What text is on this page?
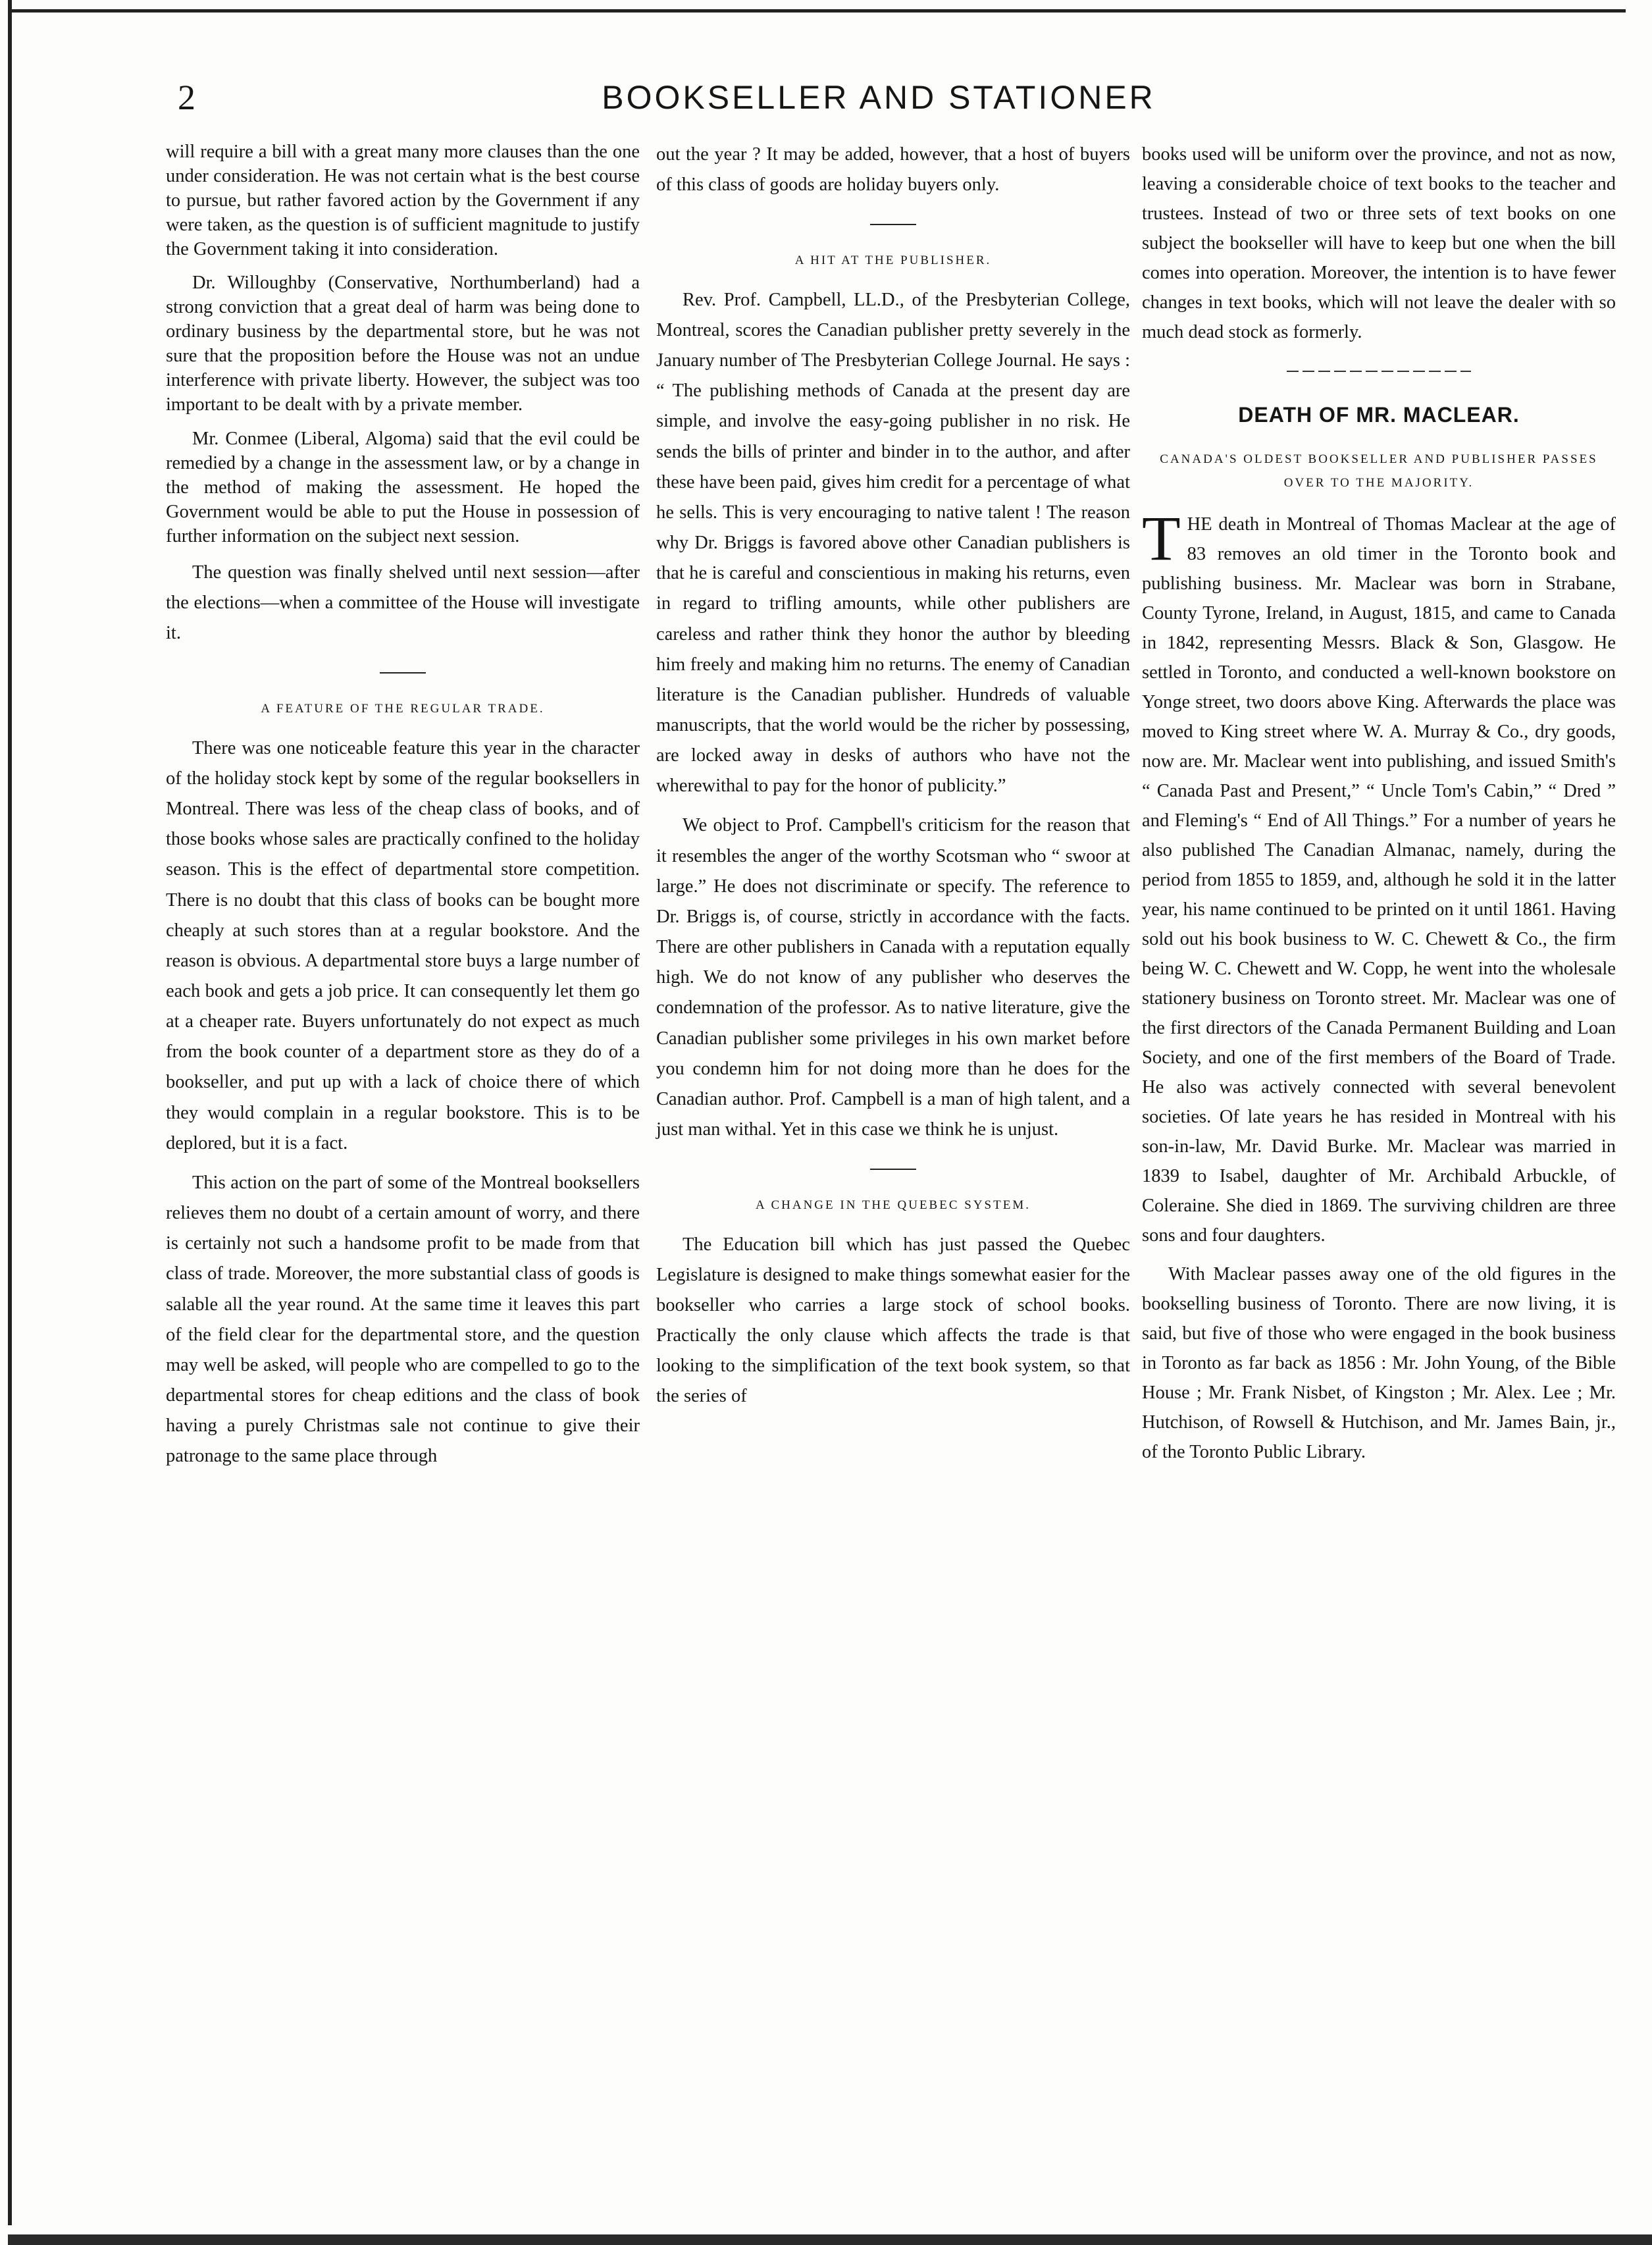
2	BOOKSELLER AND STATIONER

will require a bill with a great many more clauses than the one under consideration. He was not certain what is the best course to pursue, but rather favored action by the Government if any were taken, as the question is of sufficient magnitude to justify the Government taking it into consideration.

Dr. Willoughby (Conservative, Northumberland) had a strong conviction that a great deal of harm was being done to ordinary business by the departmental store, but he was not sure that the proposition before the House was not an undue interference with private liberty. However, the subject was too important to be dealt with by a private member.

Mr. Conmee (Liberal, Algoma) said that the evil could be remedied by a change in the assessment law, or by a change in the method of making the assessment. He hoped the Government would be able to put the House in possession of further information on the subject next session.

The question was finally shelved until next session—after the elections—when a committee of the House will investigate it.

A FEATURE OF THE REGULAR TRADE.

There was one noticeable feature this year in the character of the holiday stock kept by some of the regular booksellers in Montreal. There was less of the cheap class of books, and of those books whose sales are practically confined to the holiday season. This is the effect of departmental store competition. There is no doubt that this class of books can be bought more cheaply at such stores than at a regular bookstore. And the reason is obvious. A departmental store buys a large number of each book and gets a job price. It can consequently let them go at a cheaper rate. Buyers unfortunately do not expect as much from the book counter of a department store as they do of a bookseller, and put up with a lack of choice there of which they would complain in a regular bookstore. This is to be deplored, but it is a fact.

This action on the part of some of the Montreal booksellers relieves them no doubt of a certain amount of worry, and there is certainly not such a handsome profit to be made from that class of trade. Moreover, the more substantial class of goods is salable all the year round. At the same time it leaves this part of the field clear for the departmental store, and the question may well be asked, will people who are compelled to go to the departmental stores for cheap editions and the class of book having a purely Christmas sale not continue to give their patronage to the same place through

out the year ? It may be added, however, that a host of buyers of this class of goods are holiday buyers only.

A HIT AT THE PUBLISHER.

Rev. Prof. Campbell, LL.D., of the Presbyterian College, Montreal, scores the Canadian publisher pretty severely in the January number of The Presbyterian College Journal. He says : “ The publishing methods of Canada at the present day are simple, and involve the easy-going publisher in no risk. He sends the bills of printer and binder in to the author, and after these have been paid, gives him credit for a percentage of what he sells. This is very encouraging to native talent ! The reason why Dr. Briggs is favored above other Canadian publishers is that he is careful and conscientious in making his returns, even in regard to trifling amounts, while other publishers are careless and rather think they honor the author by bleeding him freely and making him no returns. The enemy of Canadian literature is the Canadian publisher. Hundreds of valuable manuscripts, that the world would be the richer by possessing, are locked away in desks of authors who have not the wherewithal to pay for the honor of publicity.”

We object to Prof. Campbell's criticism for the reason that it resembles the anger of the worthy Scotsman who “ swoor at large.” He does not discriminate or specify. The reference to Dr. Briggs is, of course, strictly in accordance with the facts. There are other publishers in Canada with a reputation equally high. We do not know of any publisher who deserves the condemnation of the professor. As to native literature, give the Canadian publisher some privileges in his own market before you condemn him for not doing more than he does for the Canadian author. Prof. Campbell is a man of high talent, and a just man withal. Yet in this case we think he is unjust.

A CHANGE IN THE QUEBEC SYSTEM.

The Education bill which has just passed the Quebec Legislature is designed to make things somewhat easier for the bookseller who carries a large stock of school books. Practically the only clause which affects the trade is that looking to the simplification of the text book system, so that the series of

books used will be uniform over the province, and not as now, leaving a considerable choice of text books to the teacher and trustees. Instead of two or three sets of text books on one subject the bookseller will have to keep but one when the bill comes into operation. Moreover, the intention is to have fewer changes in text books, which will not leave the dealer with so much dead stock as formerly.

DEATH OF MR. MACLEAR.
CANADA'S OLDEST BOOKSELLER AND PUBLISHER PASSES OVER TO THE MAJORITY.

THE death in Montreal of Thomas Maclear at the age of 83 removes an old timer in the Toronto book and publishing business. Mr. Maclear was born in Strabane, County Tyrone, Ireland, in August, 1815, and came to Canada in 1842, representing Messrs. Black & Son, Glasgow. He settled in Toronto, and conducted a well-known bookstore on Yonge street, two doors above King. Afterwards the place was moved to King street where W. A. Murray & Co., dry goods, now are. Mr. Maclear went into publishing, and issued Smith's “ Canada Past and Present,” “ Uncle Tom's Cabin,” “ Dred ” and Fleming's “ End of All Things.” For a number of years he also published The Canadian Almanac, namely, during the period from 1855 to 1859, and, although he sold it in the latter year, his name continued to be printed on it until 1861. Having sold out his book business to W. C. Chewett & Co., the firm being W. C. Chewett and W. Copp, he went into the wholesale stationery business on Toronto street. Mr. Maclear was one of the first directors of the Canada Permanent Building and Loan Society, and one of the first members of the Board of Trade. He also was actively connected with several benevolent societies. Of late years he has resided in Montreal with his son-in-law, Mr. David Burke. Mr. Maclear was married in 1839 to Isabel, daughter of Mr. Archibald Arbuckle, of Coleraine. She died in 1869. The surviving children are three sons and four daughters.

With Maclear passes away one of the old figures in the bookselling business of Toronto. There are now living, it is said, but five of those who were engaged in the book business in Toronto as far back as 1856 : Mr. John Young, of the Bible House ; Mr. Frank Nisbet, of Kingston ; Mr. Alex. Lee ; Mr. Hutchison, of Rowsell & Hutchison, and Mr. James Bain, jr., of the Toronto Public Library.
